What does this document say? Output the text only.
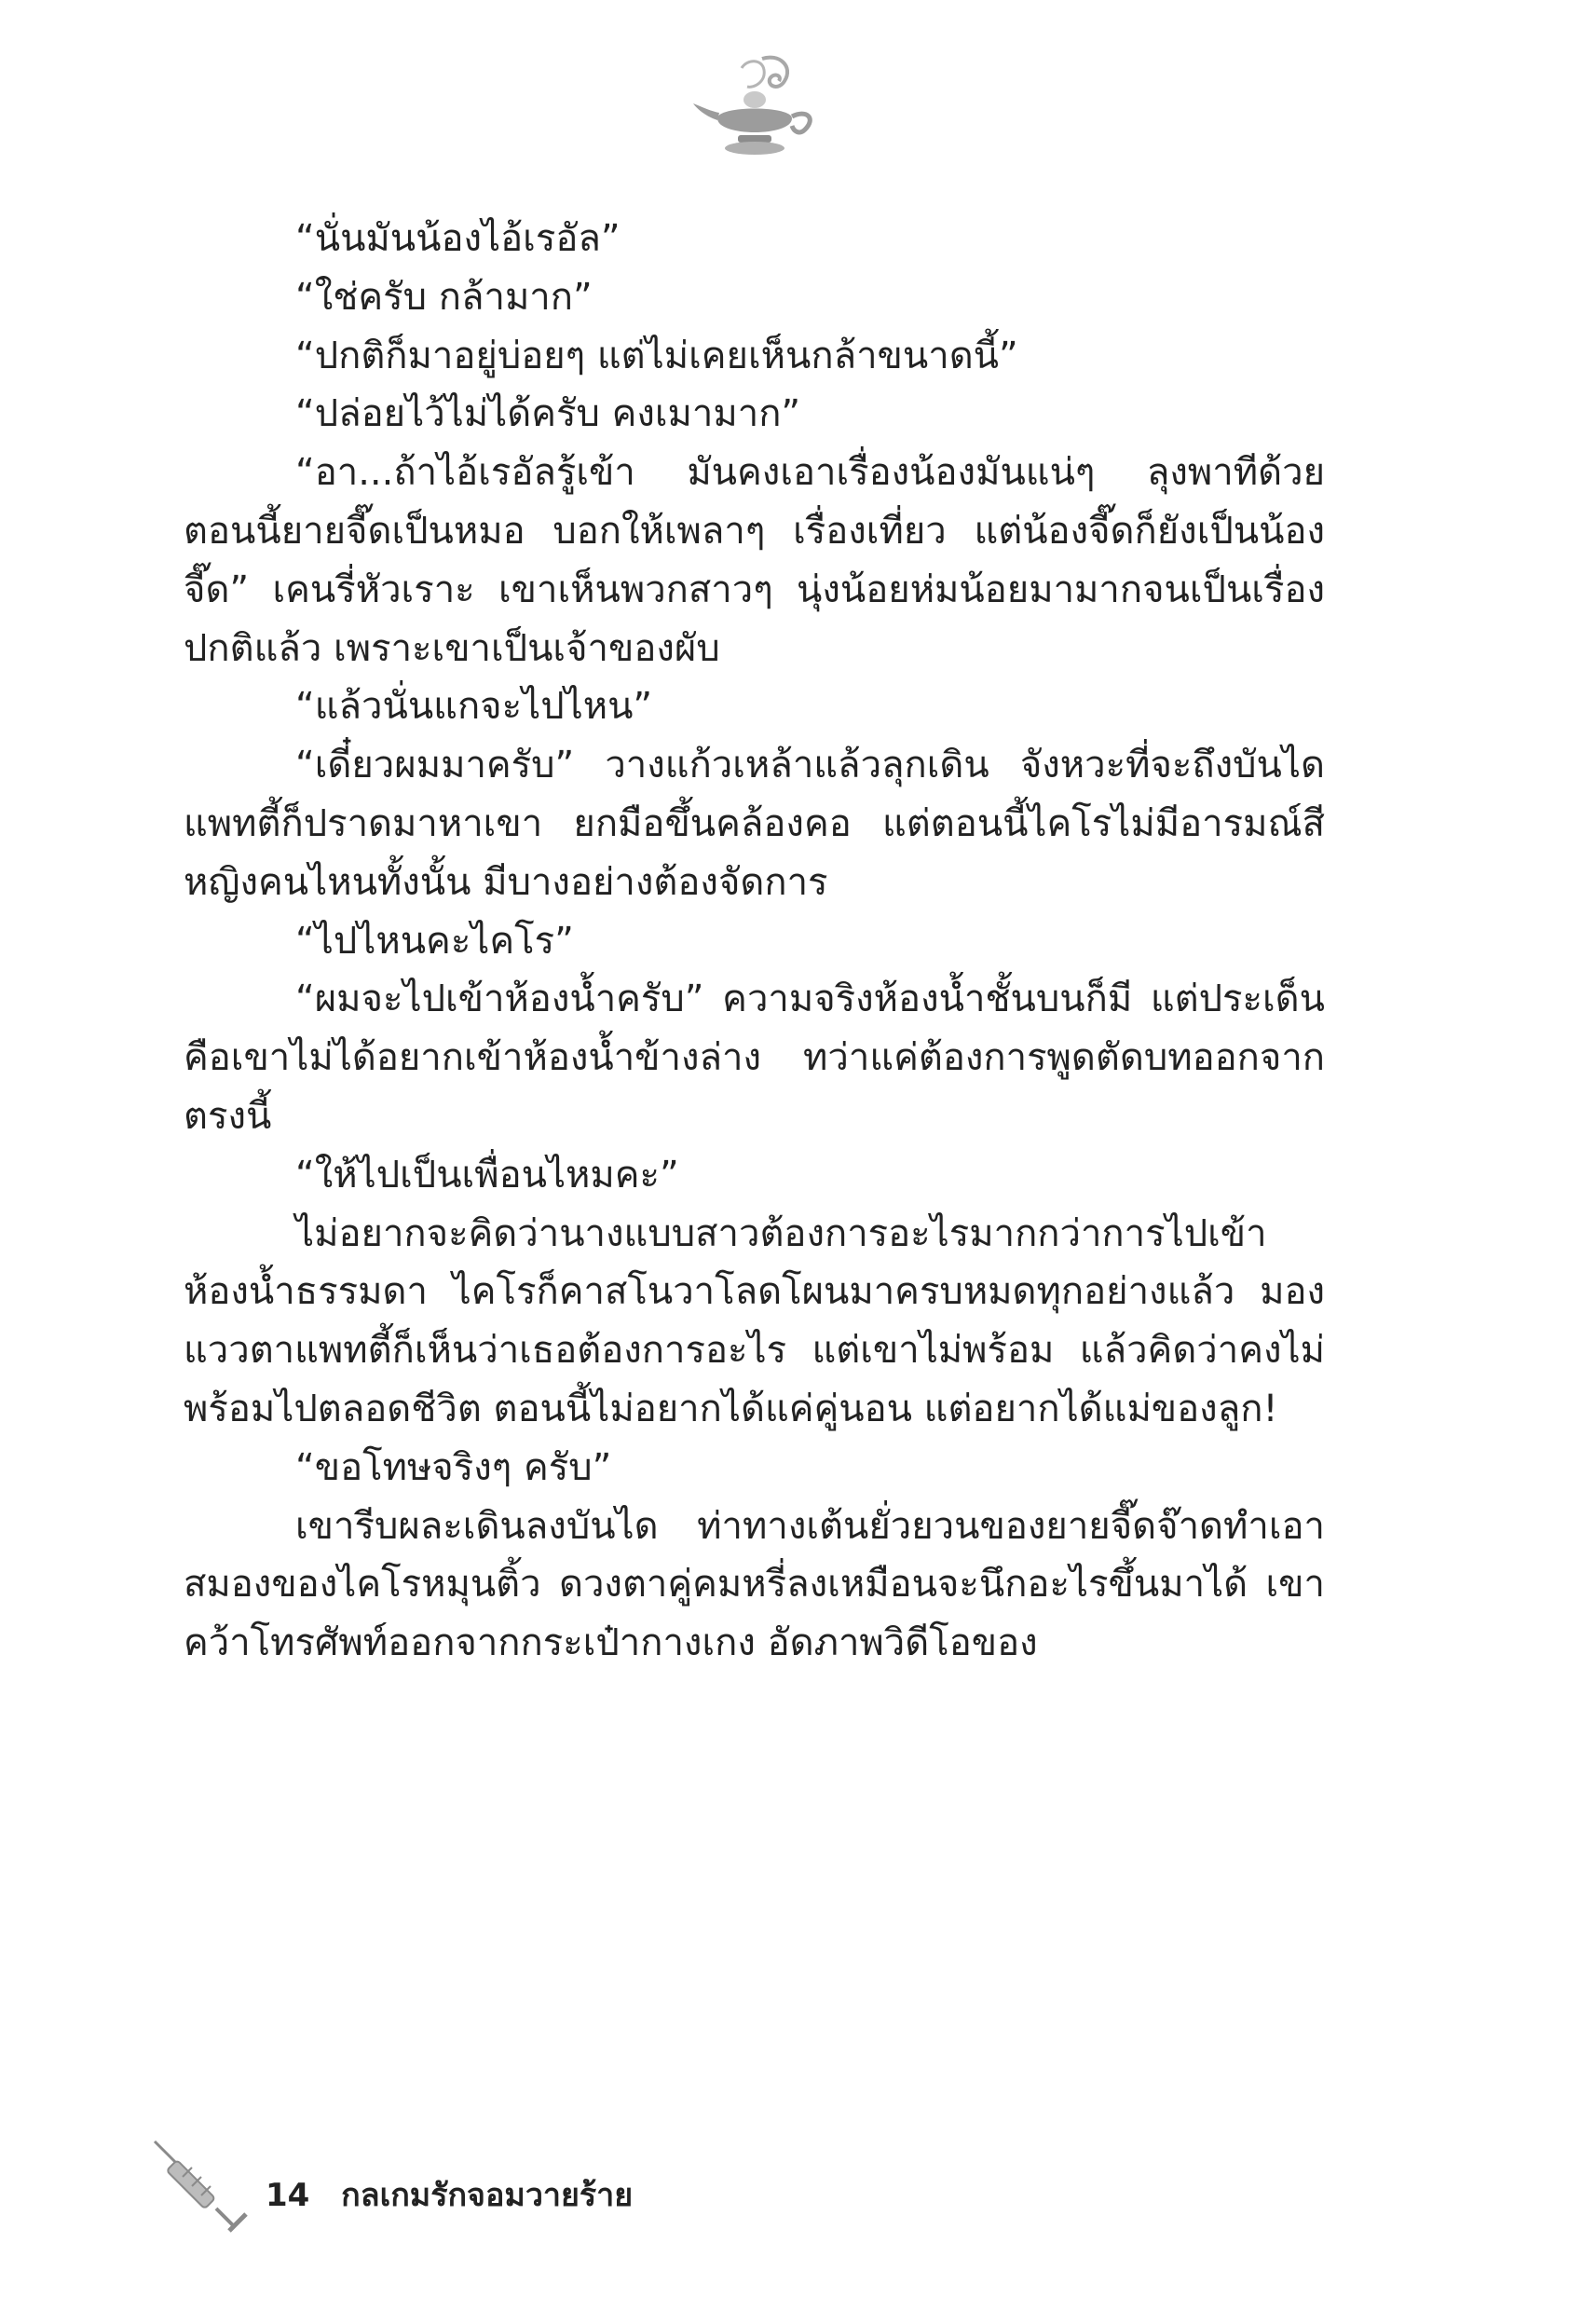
“นั่นมันน้องไอ้เรอัล”

“ใช่ครับ กล้ามาก”

“ปกติก็มาอยู่บ่อยๆ แต่ไม่เคยเห็นกล้าขนาดนี้”

“ปล่อยไว้ไม่ได้ครับ คงเมามาก”

“อา...ถ้าไอ้เรอัลรู้เข้า มันคงเอาเรื่องน้องมันแน่ๆ ลุงพาทีด้วย ตอนนี้ยายจี๊ดเป็นหมอ บอกให้เพลาๆ เรื่องเที่ยว แต่น้องจี๊ดก็ยังเป็นน้องจี๊ด” เคนรี่หัวเราะ เขาเห็นพวกสาวๆ นุ่งน้อยห่มน้อยมามากจนเป็นเรื่องปกติแล้ว เพราะเขาเป็นเจ้าของผับ

“แล้วนั่นแกจะไปไหน”

“เดี๋ยวผมมาครับ” วางแก้วเหล้าแล้วลุกเดิน จังหวะที่จะถึงบันไดแพทตี้ก็ปราดมาหาเขา ยกมือขึ้นคล้องคอ แต่ตอนนี้ไคโรไม่มีอารมณ์สีหญิงคนไหนทั้งนั้น มีบางอย่างต้องจัดการ

“ไปไหนคะไคโร”

“ผมจะไปเข้าห้องน้ำครับ” ความจริงห้องน้ำชั้นบนก็มี แต่ประเด็นคือเขาไม่ได้อยากเข้าห้องน้ำข้างล่าง ทว่าแค่ต้องการพูดตัดบทออกจากตรงนี้

“ให้ไปเป็นเพื่อนไหมคะ”

ไม่อยากจะคิดว่านางแบบสาวต้องการอะไรมากกว่าการไปเข้าห้องน้ำธรรมดา ไคโรก็คาสโนวาโลดโผนมาครบหมดทุกอย่างแล้ว มองแววตาแพทตี้ก็เห็นว่าเธอต้องการอะไร แต่เขาไม่พร้อม แล้วคิดว่าคงไม่พร้อมไปตลอดชีวิต ตอนนี้ไม่อยากได้แค่คู่นอน แต่อยากได้แม่ของลูก!

“ขอโทษจริงๆ ครับ”

เขารีบผละเดินลงบันได ท่าทางเต้นยั่วยวนของยายจี๊ดจ๊าดทำเอาสมองของไคโรหมุนติ้ว ดวงตาคู่คมหรี่ลงเหมือนจะนึกอะไรขึ้นมาได้ เขาคว้าโทรศัพท์ออกจากกระเป๋ากางเกง อัดภาพวิดีโอของ

14 กลเกมรักจอมวายร้าย
